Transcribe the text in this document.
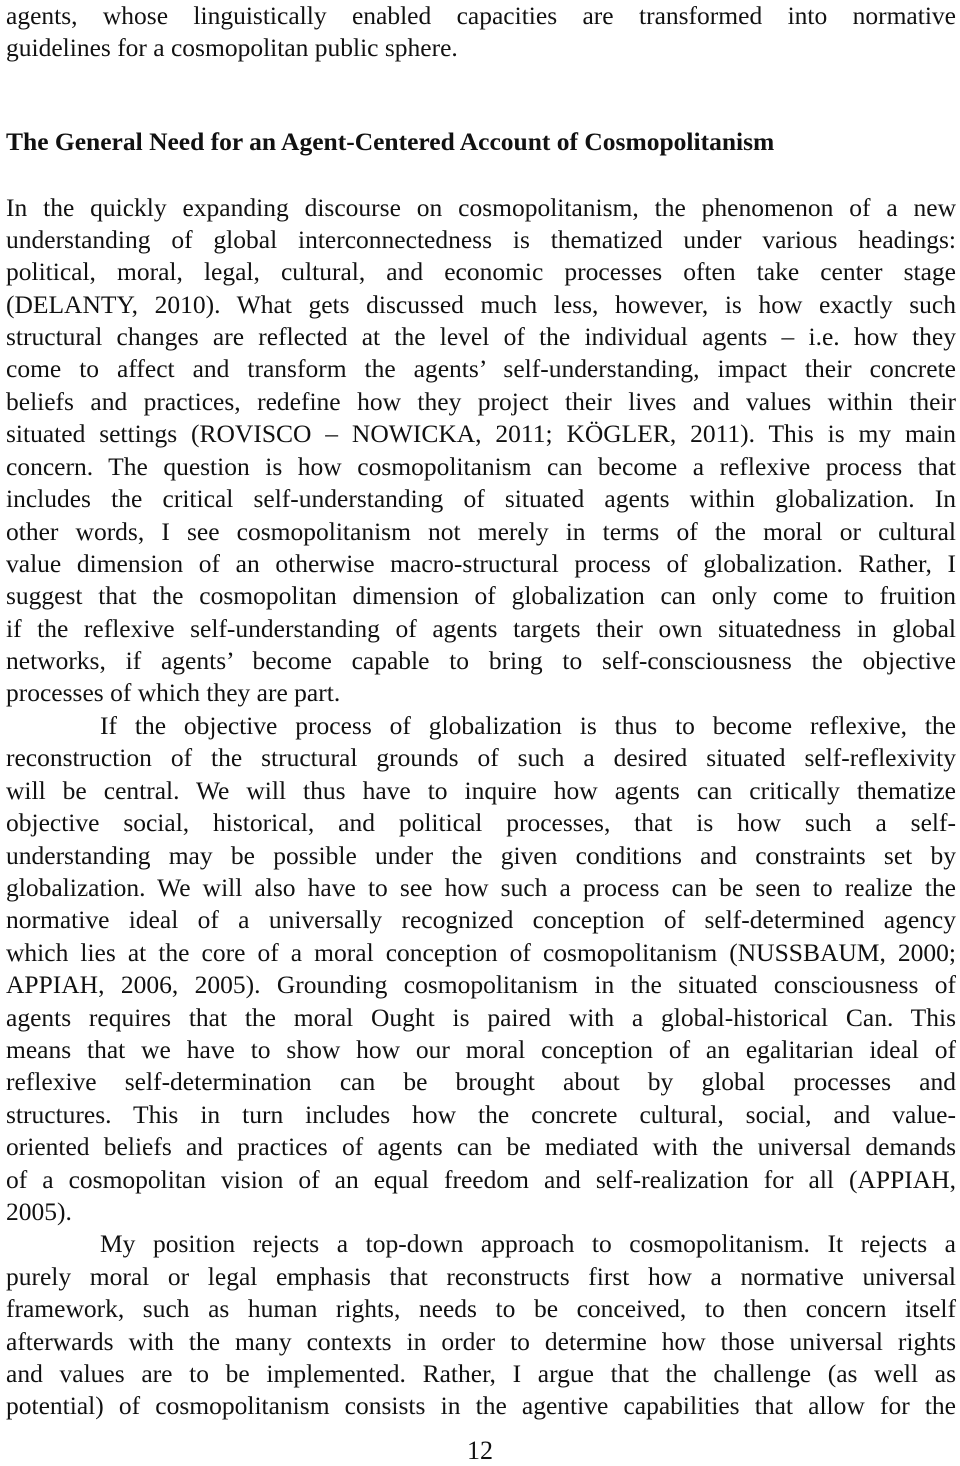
agents, whose linguistically enabled capacities are transformed into normative
guidelines for a cosmopolitan public sphere.
The General Need for an Agent-Centered Account of Cosmopolitanism
In the quickly expanding discourse on cosmopolitanism, the phenomenon of a new
understanding of global interconnectedness is thematized under various headings:
political, moral, legal, cultural, and economic processes often take center stage
(DELANTY, 2010). What gets discussed much less, however, is how exactly such
structural changes are reflected at the level of the individual agents – i.e. how they
come to affect and transform the agents’ self-understanding, impact their concrete
beliefs and practices, redefine how they project their lives and values within their
situated settings (ROVISCO – NOWICKA, 2011; KÖGLER, 2011). This is my main
concern. The question is how cosmopolitanism can become a reflexive process that
includes the critical self-understanding of situated agents within globalization. In
other words, I see cosmopolitanism not merely in terms of the moral or cultural
value dimension of an otherwise macro-structural process of globalization. Rather, I
suggest that the cosmopolitan dimension of globalization can only come to fruition
if the reflexive self-understanding of agents targets their own situatedness in global
networks, if agents’ become capable to bring to self-consciousness the objective
processes of which they are part.
If the objective process of globalization is thus to become reflexive, the
reconstruction of the structural grounds of such a desired situated self-reflexivity
will be central. We will thus have to inquire how agents can critically thematize
objective social, historical, and political processes, that is how such a self-
understanding may be possible under the given conditions and constraints set by
globalization. We will also have to see how such a process can be seen to realize the
normative ideal of a universally recognized conception of self-determined agency
which lies at the core of a moral conception of cosmopolitanism (NUSSBAUM, 2000;
APPIAH, 2006, 2005). Grounding cosmopolitanism in the situated consciousness of
agents requires that the moral Ought is paired with a global-historical Can. This
means that we have to show how our moral conception of an egalitarian ideal of
reflexive self-determination can be brought about by global processes and
structures. This in turn includes how the concrete cultural, social, and value-
oriented beliefs and practices of agents can be mediated with the universal demands
of a cosmopolitan vision of an equal freedom and self-realization for all (APPIAH,
2005).
My position rejects a top-down approach to cosmopolitanism. It rejects a
purely moral or legal emphasis that reconstructs first how a normative universal
framework, such as human rights, needs to be conceived, to then concern itself
afterwards with the many contexts in order to determine how those universal rights
and values are to be implemented. Rather, I argue that the challenge (as well as
potential) of cosmopolitanism consists in the agentive capabilities that allow for the
12
